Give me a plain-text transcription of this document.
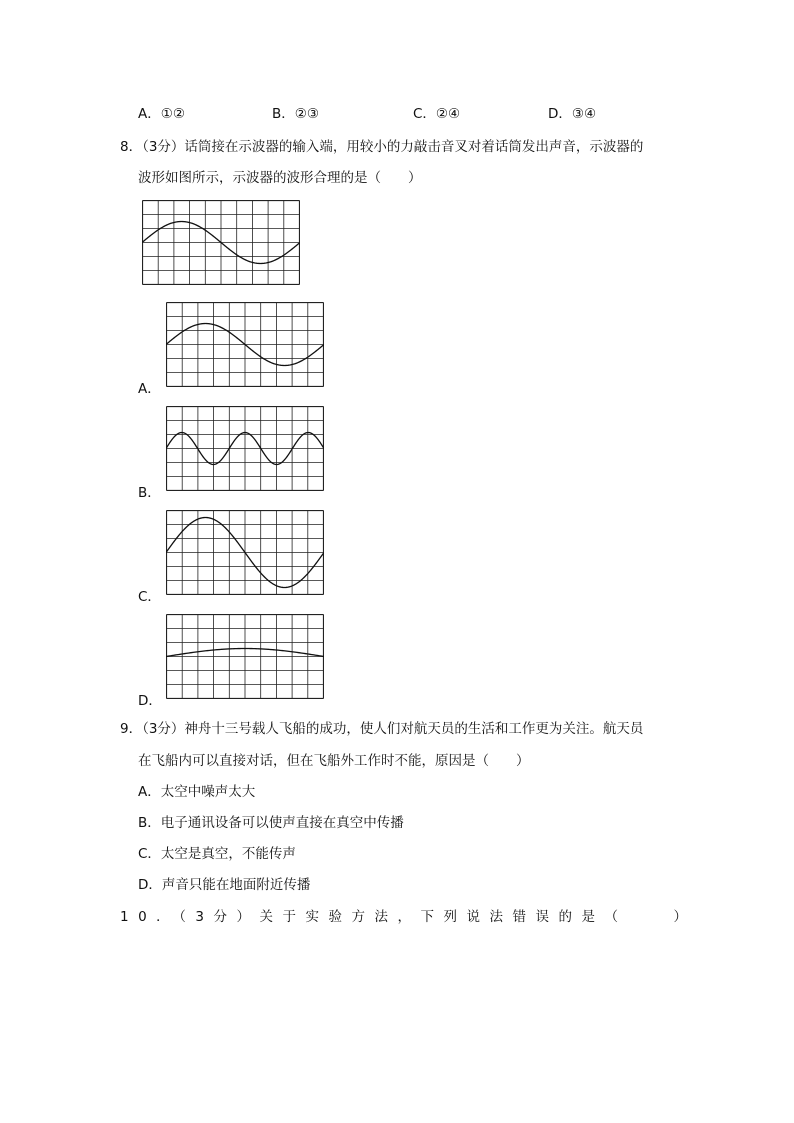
A．①②	B．②③	C．②④	D．③④
8．（3分）话筒接在示波器的输入端，用较小的力敲击音叉对着话筒发出声音，示波器的
波形如图所示，示波器的波形合理的是（　　）
A．
B．
C．
D．
9．（3分）神舟十三号载人飞船的成功，使人们对航天员的生活和工作更为关注。航天员
在飞船内可以直接对话，但在飞船外工作时不能，原因是（　　）
A．太空中噪声太大
B．电子通讯设备可以使声直接在真空中传播
C．太空是真空，不能传声
D．声音只能在地面附近传播
10．（3分）关于实验方法，下列说法错误的是（　　）
